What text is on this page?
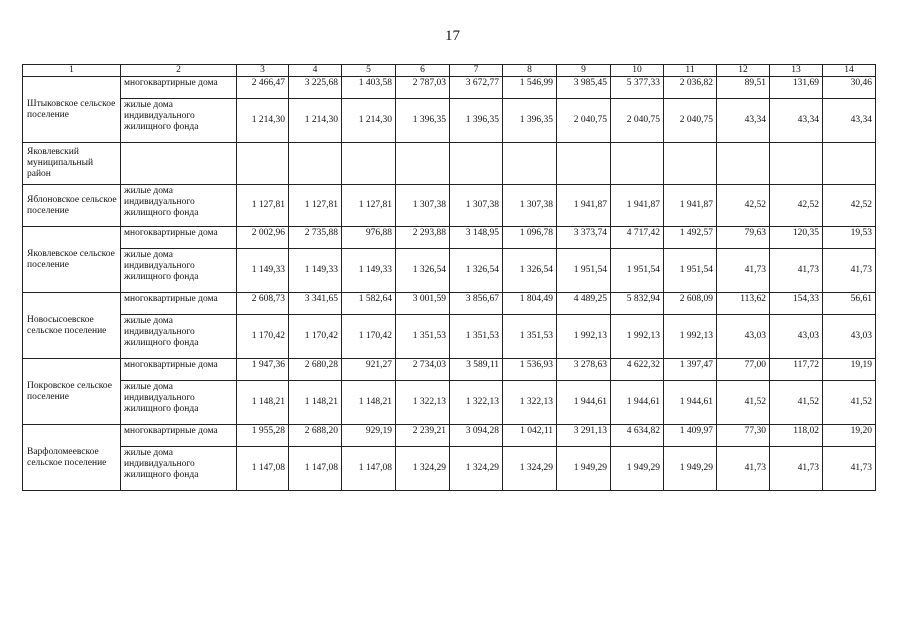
17
1	2	3	4	5	6	7	8	9	10	11	12	13	14
Штыковское сельское поселение	многоквартирные дома	2 466,47	3 225,68	1 403,58	2 787,03	3 672,77	1 546,99	3 985,45	5 377,33	2 036,82	89,51	131,69	30,46
	жилые дома индивидуального жилищного фонда	1 214,30	1 214,30	1 214,30	1 396,35	1 396,35	1 396,35	2 040,75	2 040,75	2 040,75	43,34	43,34	43,34
Яковлевский муниципальный район													
Яблоновское сельское поселение	жилые дома индивидуального жилищного фонда	1 127,81	1 127,81	1 127,81	1 307,38	1 307,38	1 307,38	1 941,87	1 941,87	1 941,87	42,52	42,52	42,52
Яковлевское сельское поселение	многоквартирные дома	2 002,96	2 735,88	976,88	2 293,88	3 148,95	1 096,78	3 373,74	4 717,42	1 492,57	79,63	120,35	19,53
	жилые дома индивидуального жилищного фонда	1 149,33	1 149,33	1 149,33	1 326,54	1 326,54	1 326,54	1 951,54	1 951,54	1 951,54	41,73	41,73	41,73
Новосысоевское сельское поселение	многоквартирные дома	2 608,73	3 341,65	1 582,64	3 001,59	3 856,67	1 804,49	4 489,25	5 832,94	2 608,09	113,62	154,33	56,61
	жилые дома индивидуального жилищного фонда	1 170,42	1 170,42	1 170,42	1 351,53	1 351,53	1 351,53	1 992,13	1 992,13	1 992,13	43,03	43,03	43,03
Покровское сельское поселение	многоквартирные дома	1 947,36	2 680,28	921,27	2 734,03	3 589,11	1 536,93	3 278,63	4 622,32	1 397,47	77,00	117,72	19,19
	жилые дома индивидуального жилищного фонда	1 148,21	1 148,21	1 148,21	1 322,13	1 322,13	1 322,13	1 944,61	1 944,61	1 944,61	41,52	41,52	41,52
Варфоломеевское сельское поселение	многоквартирные дома	1 955,28	2 688,20	929,19	2 239,21	3 094,28	1 042,11	3 291,13	4 634,82	1 409,97	77,30	118,02	19,20
	жилые дома индивидуального жилищного фонда	1 147,08	1 147,08	1 147,08	1 324,29	1 324,29	1 324,29	1 949,29	1 949,29	1 949,29	41,73	41,73	41,73
